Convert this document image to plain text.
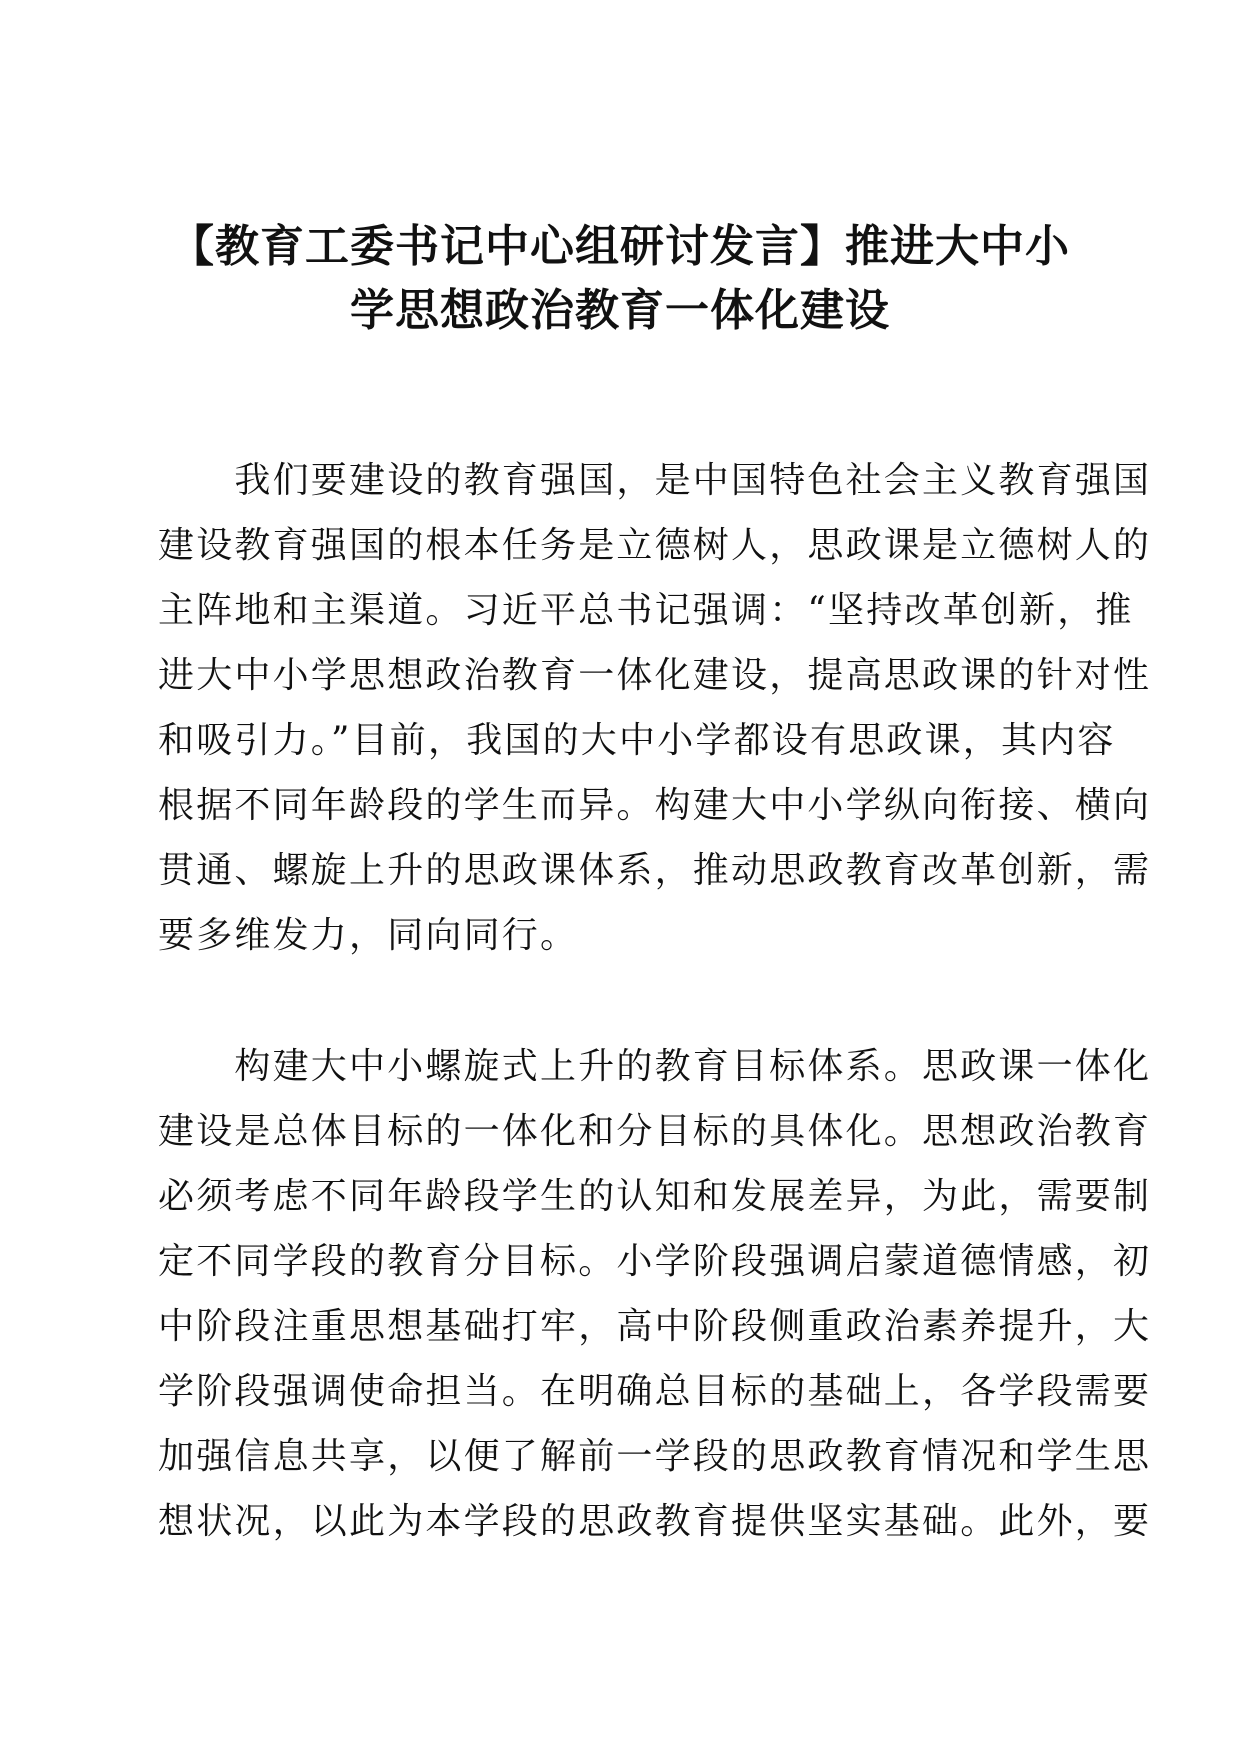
【教育工委书记中心组研讨发言】推进大中小
学思想政治教育一体化建设
　　我们要建设的教育强国，是中国特色社会主义教育强国
建设教育强国的根本任务是立德树人，思政课是立德树人的
主阵地和主渠道。习近平总书记强调：“坚持改革创新，推
进大中小学思想政治教育一体化建设，提高思政课的针对性
和吸引力。”目前，我国的大中小学都设有思政课，其内容
根据不同年龄段的学生而异。构建大中小学纵向衔接、横向
贯通、螺旋上升的思政课体系，推动思政教育改革创新，需
要多维发力，同向同行。
　　构建大中小螺旋式上升的教育目标体系。思政课一体化
建设是总体目标的一体化和分目标的具体化。思想政治教育
必须考虑不同年龄段学生的认知和发展差异，为此，需要制
定不同学段的教育分目标。小学阶段强调启蒙道德情感，初
中阶段注重思想基础打牢，高中阶段侧重政治素养提升，大
学阶段强调使命担当。在明确总目标的基础上，各学段需要
加强信息共享，以便了解前一学段的思政教育情况和学生思
想状况，以此为本学段的思政教育提供坚实基础。此外，要
